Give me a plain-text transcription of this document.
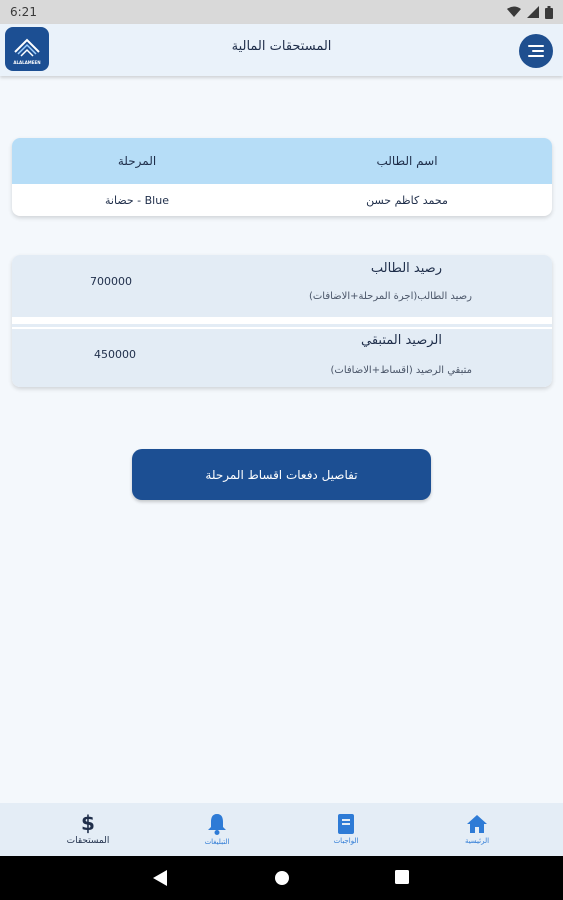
6:21
ALALAMEEN
المستحقات المالية
اسم الطالب
المرحلة
محمد كاظم حسن
حضانة - Blue
رصيد الطالب
رصيد الطالب(اجرة المرحلة+الاضافات)
700000
الرصيد المتبقي
متبقي الرصيد (اقساط+الاضافات)
450000
تفاصيل دفعات اقساط المرحلة
الرئيسية
الواجبات
التبليغات
$
المستحقات
